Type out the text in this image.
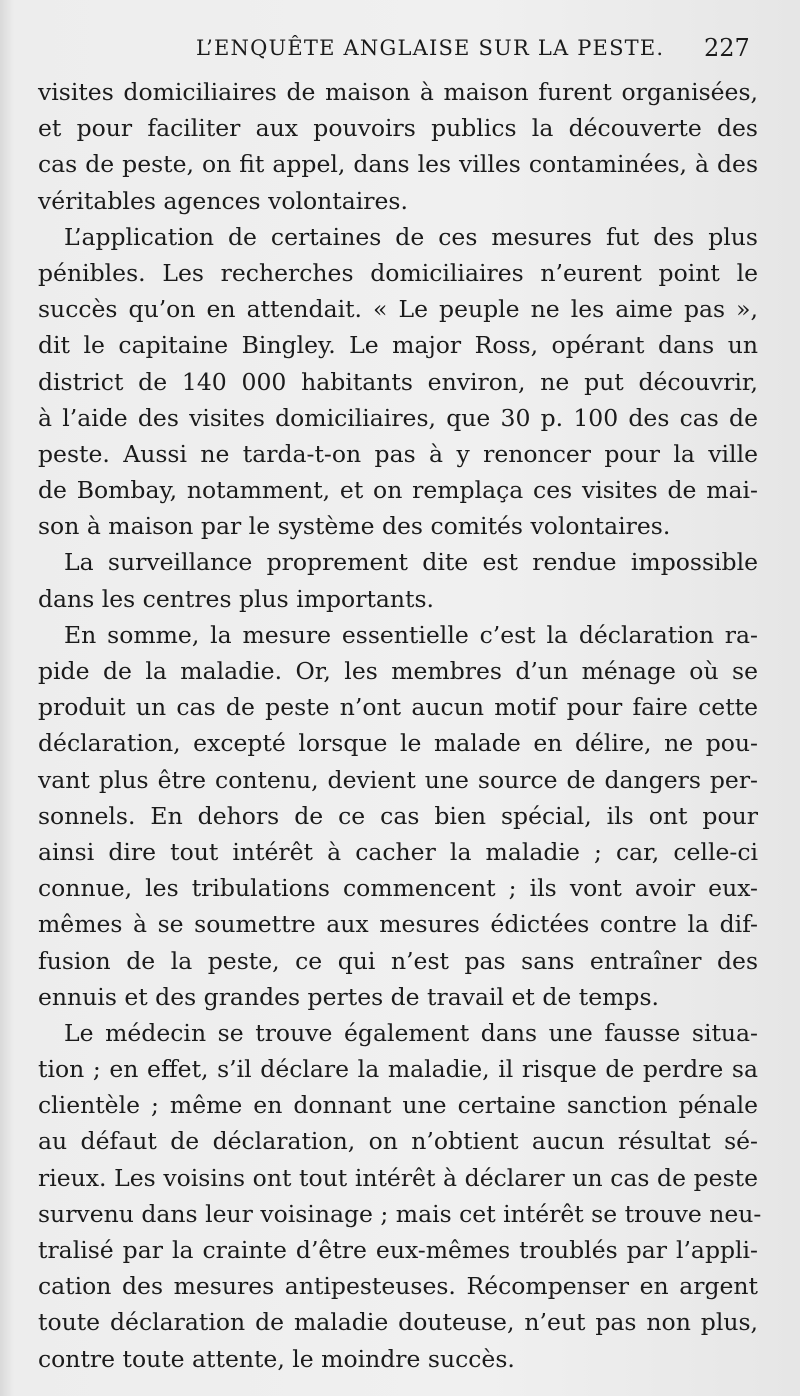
L’ENQUÊTE ANGLAISE SUR LA PESTE. 227
visites domiciliaires de maison à maison furent organisées,
et pour faciliter aux pouvoirs publics la découverte des
cas de peste, on fit appel, dans les villes contaminées, à des
véritables agences volontaires.
L’application de certaines de ces mesures fut des plus
pénibles. Les recherches domiciliaires n’eurent point le
succès qu’on en attendait. « Le peuple ne les aime pas »,
dit le capitaine Bingley. Le major Ross, opérant dans un
district de 140 000 habitants environ, ne put découvrir,
à l’aide des visites domiciliaires, que 30 p. 100 des cas de
peste. Aussi ne tarda-t-on pas à y renoncer pour la ville
de Bombay, notamment, et on remplaça ces visites de mai-
son à maison par le système des comités volontaires.
La surveillance proprement dite est rendue impossible
dans les centres plus importants.
En somme, la mesure essentielle c’est la déclaration ra-
pide de la maladie. Or, les membres d’un ménage où se
produit un cas de peste n’ont aucun motif pour faire cette
déclaration, excepté lorsque le malade en délire, ne pou-
vant plus être contenu, devient une source de dangers per-
sonnels. En dehors de ce cas bien spécial, ils ont pour
ainsi dire tout intérêt à cacher la maladie ; car, celle-ci
connue, les tribulations commencent ; ils vont avoir eux-
mêmes à se soumettre aux mesures édictées contre la dif-
fusion de la peste, ce qui n’est pas sans entraîner des
ennuis et des grandes pertes de travail et de temps.
Le médecin se trouve également dans une fausse situa-
tion ; en effet, s’il déclare la maladie, il risque de perdre sa
clientèle ; même en donnant une certaine sanction pénale
au défaut de déclaration, on n’obtient aucun résultat sé-
rieux. Les voisins ont tout intérêt à déclarer un cas de peste
survenu dans leur voisinage ; mais cet intérêt se trouve neu-
tralisé par la crainte d’être eux-mêmes troublés par l’appli-
cation des mesures antipesteuses. Récompenser en argent
toute déclaration de maladie douteuse, n’eut pas non plus,
contre toute attente, le moindre succès.
